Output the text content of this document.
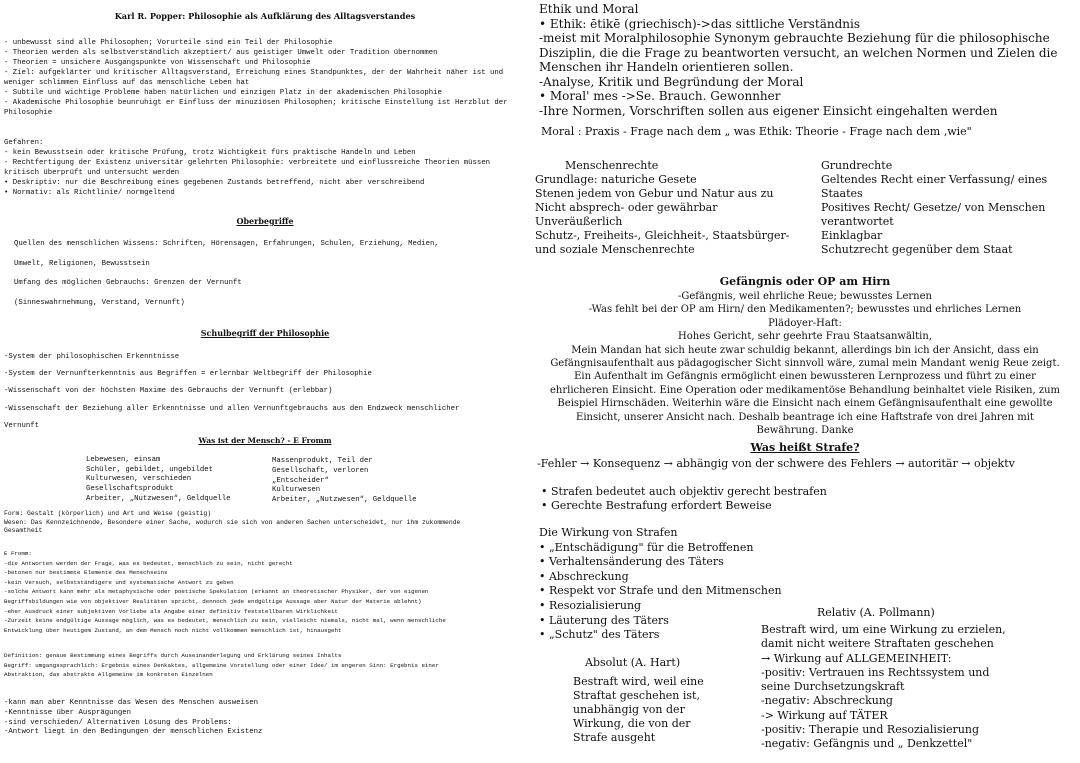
Karl R. Popper: Philosophie als Aufklärung des Alltagsverstandes
- unbewusst sind alle Philosophen; Vorurteile sind ein Teil der Philosophie
- Theorien werden als selbstverständlich akzeptiert/ aus geistiger Umwelt oder Tradition übernommen
- Theorien = unsichere Ausgangspunkte von Wissenschaft und Philosophie
- Ziel: aufgeklärter und kritischer Alltagsverstand, Erreichung eines Standpunktes, der der Wahrheit näher ist und weniger schlimmen Einfluss auf das menschliche Leben hat
- Subtile und wichtige Probleme haben natürlichen und einzigen Platz in der akademischen Philosophie
- Akademische Philosophie beunruhigt er Einfluss der minuziösen Philosophen; kritische Einstellung ist Herzblut der Philosophie
Gefahren:
- kein Bewusstsein oder kritische Prüfung, trotz Wichtigkeit fürs praktische Handeln und Leben
- Rechtfertigung der Existenz universitär gelehrten Philosophie: verbreitete und einflussreiche Theorien müssen kritisch überprüft und untersucht werden
• Deskriptiv: nur die Beschreibung eines gegebenen Zustands betreffend, nicht aber verschreibend
• Normativ: als Richtlinie/ normgeltend
Oberbegriffe
Quellen des menschlichen Wissens: Schriften, Hörensagen, Erfahrungen, Schulen, Erziehung, Medien,
Umwelt, Religionen, Bewusstsein
Umfang des möglichen Gebrauchs: Grenzen der Vernunft
(Sinneswahrnehmung, Verstand, Vernunft)
Schulbegriff der Philosophie
-System der philosophischen Erkenntnisse
-System der Vernunfterkenntnis aus Begriffen = erlernbar Weltbegriff der Philosophie
-Wissenschaft von der höchsten Maxime des Gebrauchs der Vernunft (erlebbar)
-Wissenschaft der Beziehung aller Erkenntnisse und allen Vernunftgebrauchs aus den Endzweck menschlicher
Vernunft
Was ist der Mensch? - E Fromm
Lebewesen, einsam
Schüler, gebildet, ungebildet
Kulturwesen, verschieden
Gesellschaftsprodukt
Arbeiter, „Nutzwesen“, Geldquelle
Massenprodukt, Teil der
Gesellschaft, verloren
„Entscheider“
Kulturwesen
Arbeiter, „Nutzwesen“, Geldquelle
Form: Gestalt (körperlich) und Art und Weise (geistig)
Wesen: Das Kennzeichnende, Besondere einer Sache, wodurch sie sich von anderen Sachen unterscheidet, nur ihm zukommende
Gesamtheit
E Fromm:
-die Antworten werden der Frage, was es bedeutet, menschlich zu sein, nicht gerecht
-betonen nur bestimmte Elemente des Menschseins
-kein Versuch, selbstständigere und systematische Antwort zu geben
-solche Antwort kann mehr als metaphysische oder poetische Spekulation (erkannt an theoretischer Physiker, der von eigenen
Begriffsbildungen wie von objektiver Realitäten spricht, dennoch jede endgültige Aussage aber Natur der Materie ablehnt)
-eher Ausdruck einer subjektiven Vorliebe als Angabe einer definitiv feststellbaren Wirklichkeit
-Zurzeit keine endgültige Aussage möglich, was es bedeutet, menschlich zu sein, vielleicht niemals, nicht mal, wenn menschliche
Entwicklung über heutigem Zustand, an dem Mensch noch nicht vollkommen menschlich ist, hinausgeht
Definition: genaue Bestimmung eines Begriffs durch Auseinanderlegung und Erklärung seines Inhalts
Begriff: umgangssprachlich: Ergebnis eines Denkaktes, allgemeine Vorstellung oder einer Idee/ im engeren Sinn: Ergebnis einer
Abstraktion, das abstrakte Allgemeine im konkreten Einzelnen
-kann man aber Kenntnisse das Wesen des Menschen ausweisen
-Kenntnisse über Ausprägungen
-sind verschieden/ Alternativen Lösung des Problems:
-Antwort liegt in den Bedingungen der menschlichen Existenz
Ethik und Moral
• Ethik: ētikē (griechisch)->das sittliche Verständnis
-meist mit Moralphilosophie Synonym gebrauchte Beziehung für die philosophische
Disziplin, die die Frage zu beantworten versucht, an welchen Normen und Zielen die
Menschen ihr Handeln orientieren sollen.
-Analyse, Kritik und Begründung der Moral
• Moral' mes ->Se. Brauch. Gewonnher
-Ihre Normen, Vorschriften sollen aus eigener Einsicht eingehalten werden
Moral : Praxis - Frage nach dem „ was Ethik: Theorie - Frage nach dem ‚wie"
Menschenrechte
Grundlage: naturiche Gesete
Stenen jedem von Gebur und Natur aus zu
Nicht absprech- oder gewährbar
Unveräußerlich
Schutz-, Freiheits-, Gleichheit-, Staatsbürger-
und soziale Menschenrechte
Grundrechte
Geltendes Recht einer Verfassung/ eines
Staates
Positives Recht/ Gesetze/ von Menschen
verantwortet
Einklagbar
Schutzrecht gegenüber dem Staat
Gefängnis oder OP am Hirn
-Gefängnis, weil ehrliche Reue; bewusstes Lernen
-Was fehlt bei der OP am Hirn/ den Medikamenten?; bewusstes und ehrliches Lernen
Plädoyer-Haft:
Hohes Gericht, sehr geehrte Frau Staatsanwältin,
Mein Mandan hat sich heute zwar schuldig bekannt, allerdings bin ich der Ansicht, dass ein
Gefängnisaufenthalt aus pädagogischer Sicht sinnvoll wäre, zumal mein Mandant wenig Reue zeigt.
Ein Aufenthalt im Gefängnis ermöglicht einen bewussteren Lernprozess und führt zu einer
ehrlicheren Einsicht. Eine Operation oder medikamentöse Behandlung beinhaltet viele Risiken, zum
Beispiel Hirnschäden. Weiterhin wäre die Einsicht nach einem Gefängnisaufenthalt eine gewollte
Einsicht, unserer Ansicht nach. Deshalb beantrage ich eine Haftstrafe von drei Jahren mit
Bewährung. Danke
Was heißt Strafe?
-Fehler → Konsequenz → abhängig von der schwere des Fehlers → autoritär → objektv
• Strafen bedeutet auch objektiv gerecht bestrafen
• Gerechte Bestrafung erfordert Beweise
Die Wirkung von Strafen
• „Entschädigung" für die Betroffenen
• Verhaltensänderung des Täters
• Abschreckung
• Respekt vor Strafe und den Mitmenschen
• Resozialisierung
• Läuterung des Täters
• „Schutz" des Täters
Absolut (A. Hart)
Bestraft wird, weil eine
Straftat geschehen ist,
unabhängig von der
Wirkung, die von der
Strafe ausgeht
Relativ (A. Pollmann)
Bestraft wird, um eine Wirkung zu erzielen,
damit nicht weitere Straftaten geschehen
→ Wirkung auf ALLGEMEINHEIT:
-positiv: Vertrauen ins Rechtssystem und
seine Durchsetzungskraft
-negativ: Abschreckung
-> Wirkung auf TÄTER
-positiv: Therapie und Resozialisierung
-negativ: Gefängnis und „ Denkzettel"
